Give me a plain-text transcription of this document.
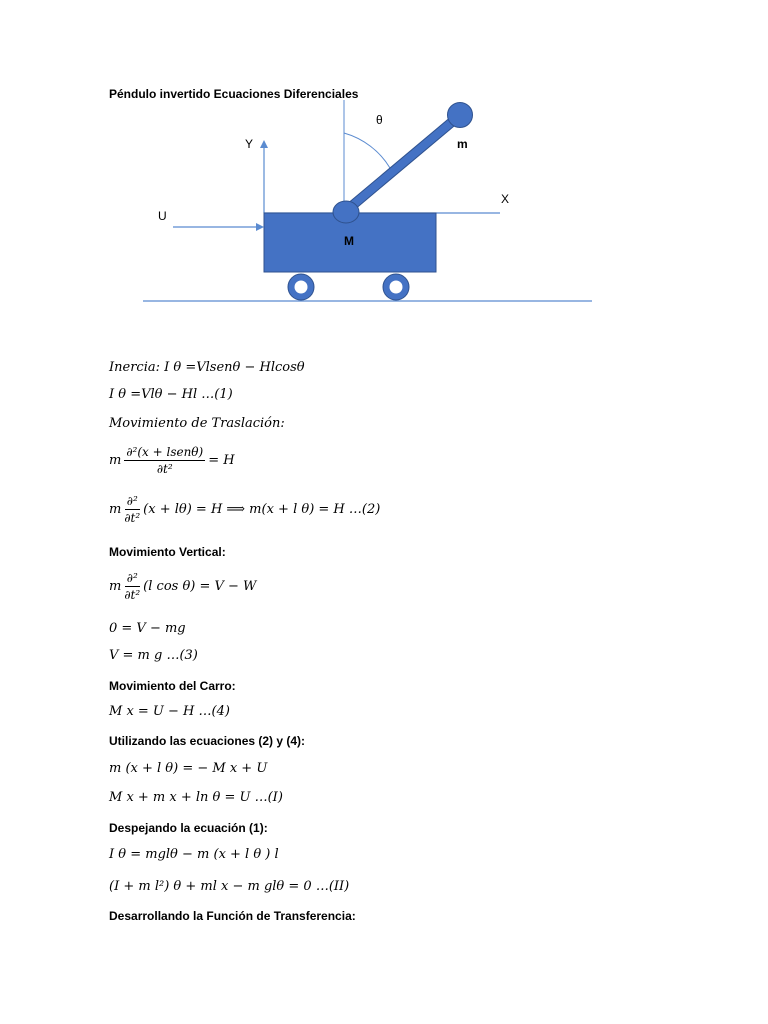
Péndulo invertido Ecuaciones Diferenciales
Y
X
U
θ
m
M
Inercia: I θ =Vlsenθ − Hlcosθ
I θ =Vlθ − Hl …(1)
Movimiento de Traslación:
m $\frac{\text{∂²(x + lsenθ)}}{\text{∂t²}} = H$
m $\frac{\text{∂²}}{\text{∂t²}} (x + l\theta) = H$ ⟹ m(x + l θ) = H …(2)
Movimiento Vertical:
m $\frac{\text{∂²}}{\text{∂t²}} (l$ cos θ) = V − W
0 = V − mg
V = m g …(3)
Movimiento del Carro:
M x = U − H …(4)
Utilizando las ecuaciones (2) y (4):
m (x + l θ) = − M x + U
M x + m x + ln θ = U …(I)
Despejando la ecuación (1):
I θ = mglθ − m (x + l θ ) l
(I + m l²) θ + ml x − m glθ = 0 …(II)
Desarrollando la Función de Transferencia:
